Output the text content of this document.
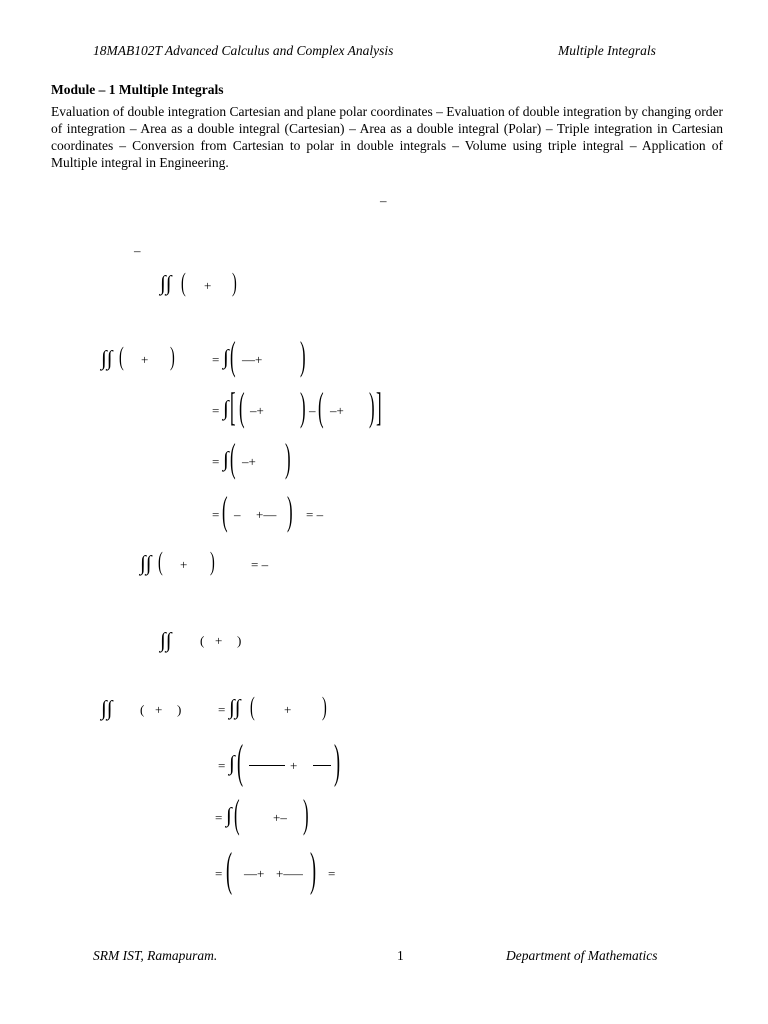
18MAB102T Advanced Calculus and Complex Analysis	Multiple Integrals
Module – 1 Multiple Integrals
Evaluation of double integration Cartesian and plane polar coordinates – Evaluation of double integration by changing order of integration – Area as a double integral (Cartesian) – Area as a double integral (Polar) – Triple integration in Cartesian coordinates – Conversion from Cartesian to polar in double integrals – Volume using triple integral – Application of Multiple integral in Engineering.
–
–
∫∫ ( + )
∫∫ ( + )	= ∫ ( —+ )
= ∫ [ ( –+ ) – ( –+ ) ]
= ∫ ( –+ )
= ( – +— ) = –
∫∫ ( + )	= –
∫∫ ( + )
∫∫ ( + )	= ∫∫ ( + )
= ∫ (	+ )
= ∫ (	+– )
= ( —+ +–— ) =
SRM IST, Ramapuram.	1	Department of Mathematics
